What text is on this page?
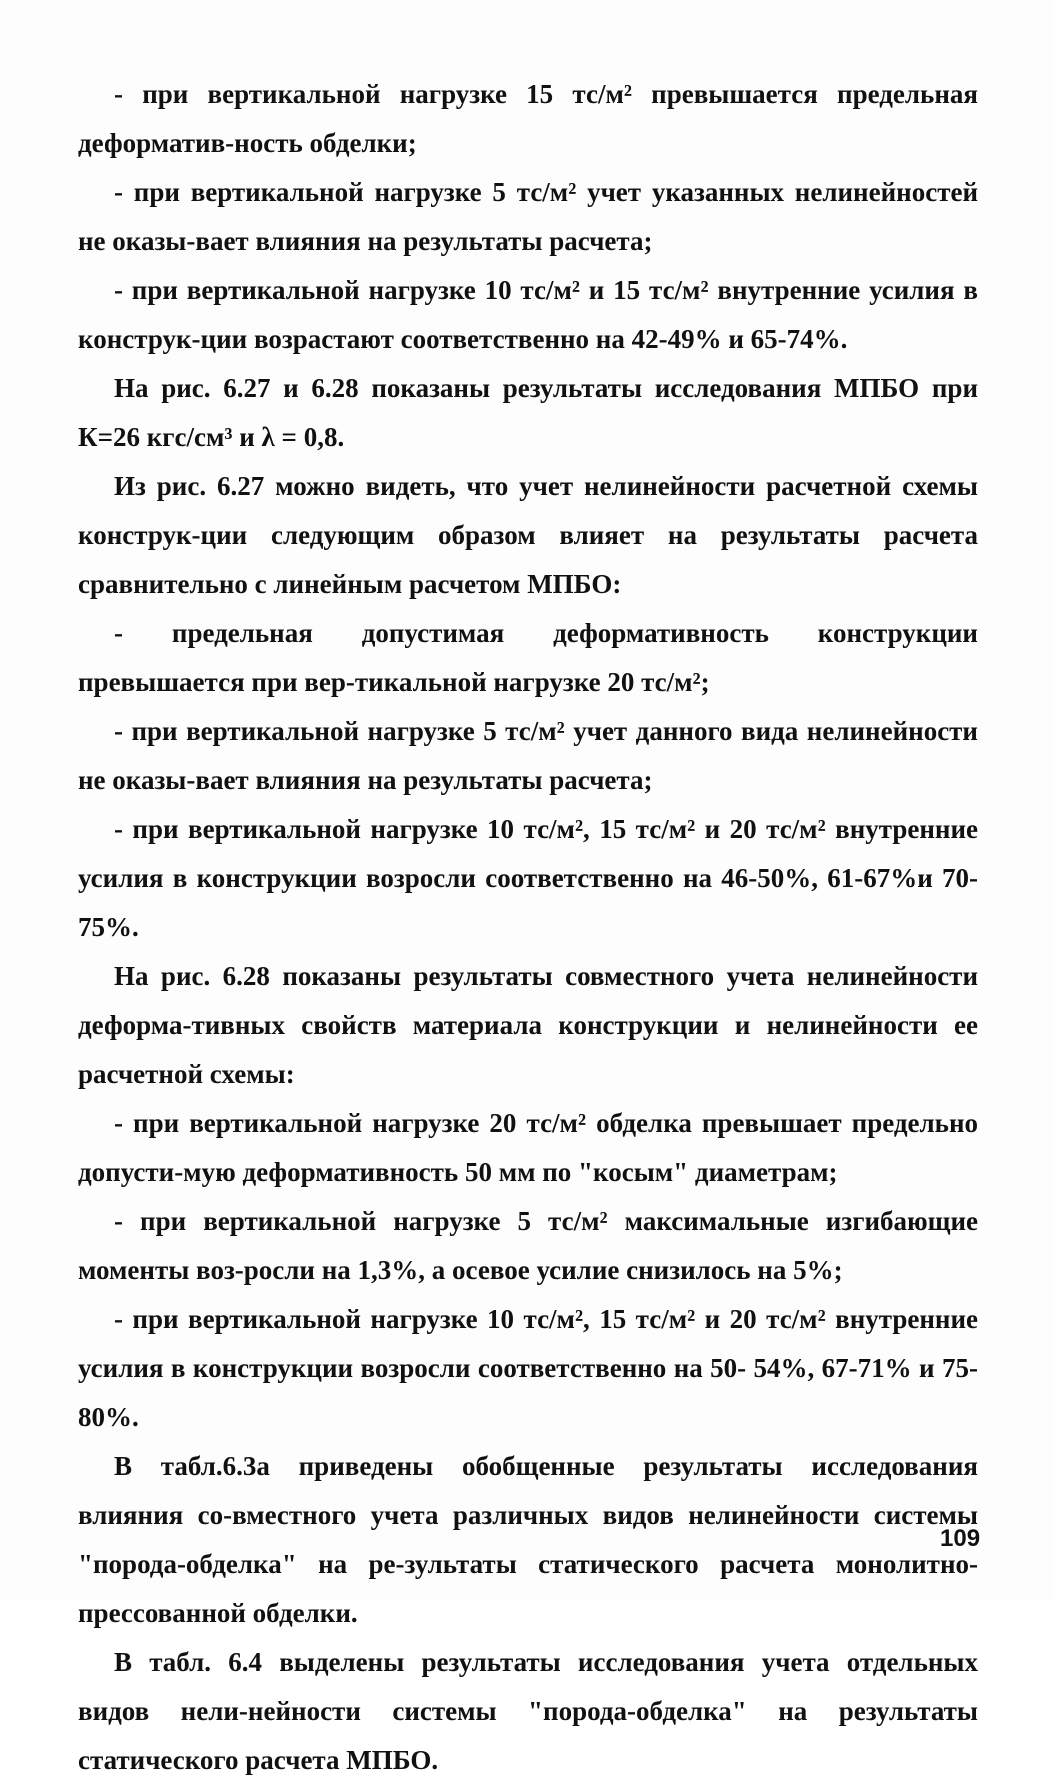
- при вертикальной нагрузке 15 тс/м² превышается предельная деформатив-ность обделки;

- при вертикальной нагрузке 5 тс/м² учет указанных нелинейностей не оказы-вает влияния на результаты расчета;

- при вертикальной нагрузке 10 тс/м² и 15 тс/м² внутренние усилия в конструк-ции возрастают соответственно на 42-49% и 65-74%.

На рис. 6.27 и 6.28 показаны результаты исследования МПБО при К=26 кгс/см³ и λ = 0,8.

Из рис. 6.27 можно видеть, что учет нелинейности расчетной схемы конструк-ции следующим образом влияет на результаты расчета сравнительно с линейным расчетом МПБО:

- предельная допустимая деформативность конструкции превышается при вер-тикальной нагрузке 20 тс/м²;

- при вертикальной нагрузке 5 тс/м² учет данного вида нелинейности не оказы-вает влияния на результаты расчета;

- при вертикальной нагрузке 10 тс/м², 15 тс/м² и 20 тс/м² внутренние усилия в конструкции возросли соответственно на 46-50%, 61-67%и 70-75%.

На рис. 6.28 показаны результаты совместного учета нелинейности деформа-тивных свойств материала конструкции и нелинейности ее расчетной схемы:

- при вертикальной нагрузке 20 тс/м² обделка превышает предельно допусти-мую деформативность 50 мм по "косым" диаметрам;

- при вертикальной нагрузке 5 тс/м² максимальные изгибающие моменты воз-росли на 1,3%, а осевое усилие снизилось на 5%;

- при вертикальной нагрузке 10 тс/м², 15 тс/м² и 20 тс/м² внутренние усилия в конструкции возросли соответственно на 50- 54%, 67-71% и 75-80%.

В табл.6.3а приведены обобщенные результаты исследования влияния со-вместного учета различных видов нелинейности системы "порода-обделка" на ре-зультаты статического расчета монолитно-прессованной обделки.

В табл. 6.4 выделены результаты исследования учета отдельных видов нели-нейности системы "порода-обделка" на результаты статического расчета МПБО.

109
